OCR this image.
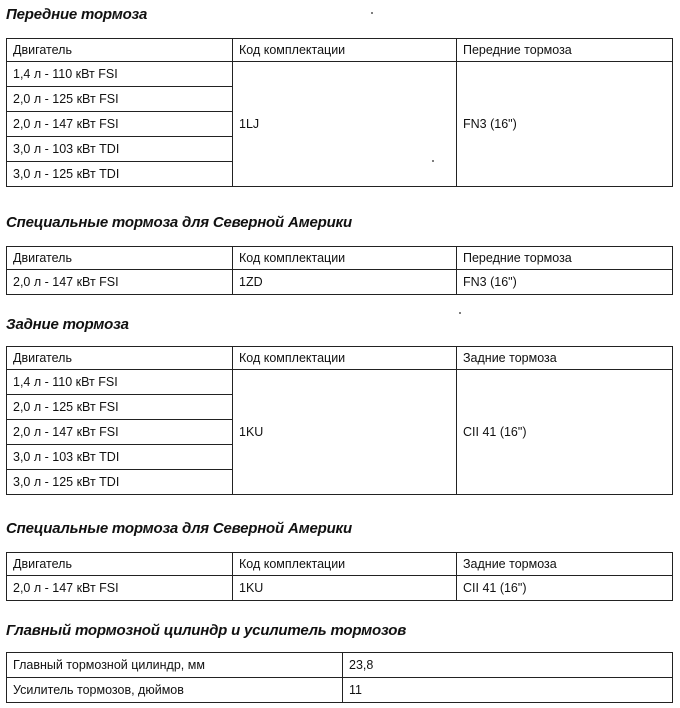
Передние тормоза
Двигатель	Код комплектации	Передние тормоза
1,4 л - 110 кВт FSI	1LJ	FN3 (16")
2,0 л - 125 кВт FSI		
2,0 л - 147 кВт FSI		
3,0 л - 103 кВт TDI		
3,0 л - 125 кВт TDI		
Специальные тормоза для Северной Америки
Двигатель	Код комплектации	Передние тормоза
2,0 л - 147 кВт FSI	1ZD	FN3 (16")
Задние тормоза
Двигатель	Код комплектации	Задние тормоза
1,4 л - 110 кВт FSI	1KU	CII 41 (16")
2,0 л - 125 кВт FSI		
2,0 л - 147 кВт FSI		
3,0 л - 103 кВт TDI		
3,0 л - 125 кВт TDI		
Специальные тормоза для Северной Америки
Двигатель	Код комплектации	Задние тормоза
2,0 л - 147 кВт FSI	1KU	CII 41 (16")
Главный тормозной цилиндр и усилитель тормозов
Главный тормозной цилиндр, мм	23,8
Усилитель тормозов, дюймов	11
